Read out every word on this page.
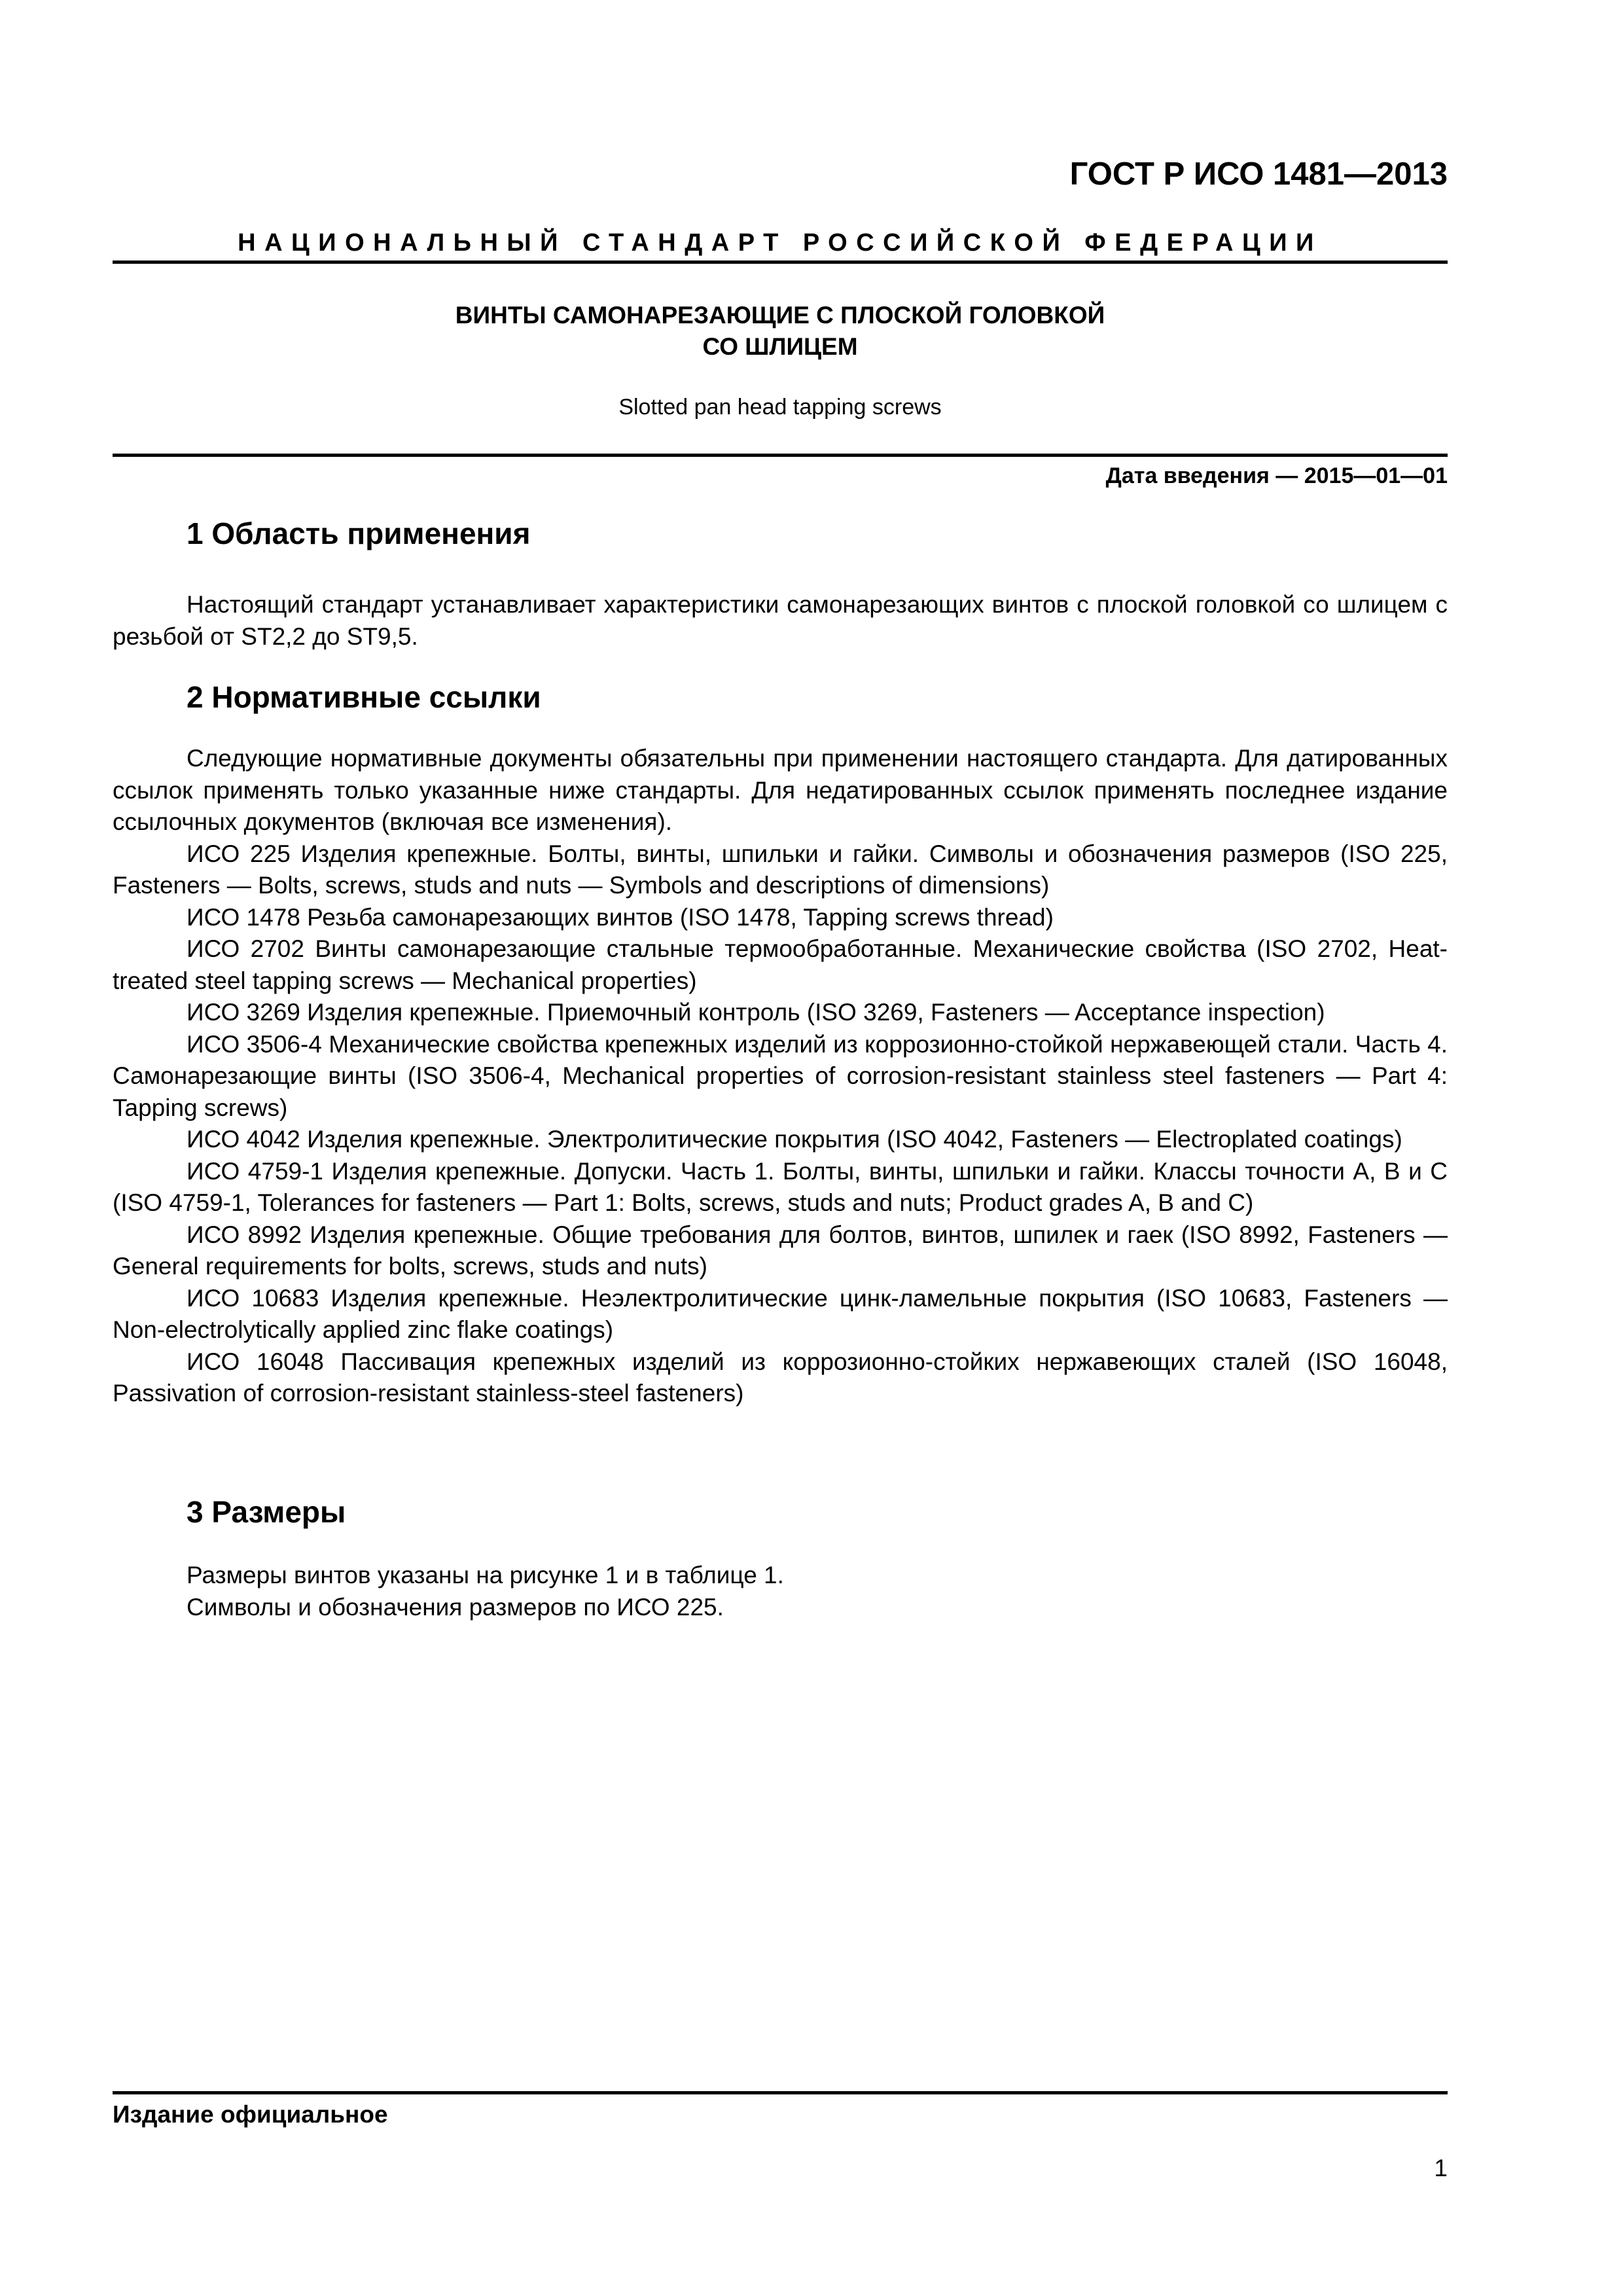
ГОСТ Р ИСО 1481—2013
НАЦИОНАЛЬНЫЙ СТАНДАРТ РОССИЙСКОЙ ФЕДЕРАЦИИ
ВИНТЫ САМОНАРЕЗАЮЩИЕ С ПЛОСКОЙ ГОЛОВКОЙ
СО ШЛИЦЕМ
Slotted pan head tapping screws
Дата введения — 2015—01—01
1 Область применения

Настоящий стандарт устанавливает характеристики самонарезающих винтов с плоской головкой со шлицем с резьбой от ST2,2 до ST9,5.

2 Нормативные ссылки

Следующие нормативные документы обязательны при применении настоящего стандарта. Для датированных ссылок применять только указанные ниже стандарты. Для недатированных ссылок применять последнее издание ссылочных документов (включая все изменения).

ИСО 225 Изделия крепежные. Болты, винты, шпильки и гайки. Символы и обозначения размеров (ISO 225, Fasteners — Bolts, screws, studs and nuts — Symbols and descriptions of dimensions)

ИСО 1478 Резьба самонарезающих винтов (ISO 1478, Tapping screws thread)

ИСО 2702 Винты самонарезающие стальные термообработанные. Механические свойства (ISO 2702, Heat-treated steel tapping screws — Mechanical properties)

ИСО 3269 Изделия крепежные. Приемочный контроль (ISO 3269, Fasteners — Acceptance inspection)

ИСО 3506-4 Механические свойства крепежных изделий из коррозионно-стойкой нержавеющей стали. Часть 4. Самонарезающие винты (ISO 3506-4, Mechanical properties of corrosion-resistant stainless steel fasteners — Part 4: Tapping screws)

ИСО 4042 Изделия крепежные. Электролитические покрытия (ISO 4042, Fasteners — Electroplated coatings)

ИСО 4759-1 Изделия крепежные. Допуски. Часть 1. Болты, винты, шпильки и гайки. Классы точности А, В и С (ISO 4759-1, Tolerances for fasteners — Part 1: Bolts, screws, studs and nuts; Product grades A, B and C)

ИСО 8992 Изделия крепежные. Общие требования для болтов, винтов, шпилек и гаек (ISO 8992, Fasteners — General requirements for bolts, screws, studs and nuts)

ИСО 10683 Изделия крепежные. Неэлектролитические цинк-ламельные покрытия (ISO 10683, Fasteners — Non-electrolytically applied zinc flake coatings)

ИСО 16048 Пассивация крепежных изделий из коррозионно-стойких нержавеющих сталей (ISO 16048, Passivation of corrosion-resistant stainless-steel fasteners)

3 Размеры

Размеры винтов указаны на рисунке 1 и в таблице 1.

Символы и обозначения размеров по ИСО 225.

Издание официальное
1
